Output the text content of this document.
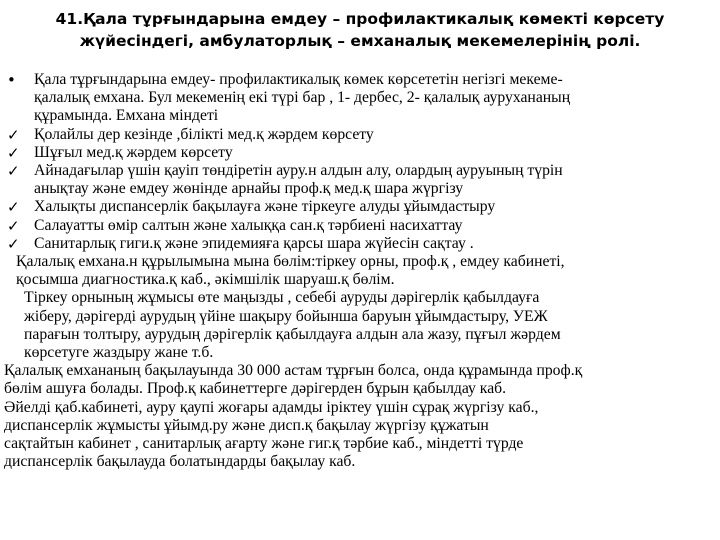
41.Қала тұрғындарына емдеу – профилактикалық көмекті көрсету
жүйесіндегі, амбулаторлық – емханалық мекемелерінің ролі.
•	Қала тұрғындарына емдеу- профилактикалық көмек көрсететін негізгі мекеме-
қалалық емхана. Бул мекеменің екі түрі бар , 1- дербес, 2- қалалық аурухананың
құрамында. Емхана міндеті
✓ Қолайлы дер кезінде ,білікті мед.қ жәрдем көрсету
✓ Шұғыл мед.қ жәрдем көрсету
✓ Айнадағылар үшін қауіп төндіретін ауру.н алдын алу, олардың ауруының түрін
анықтау және емдеу жөнінде арнайы проф.қ мед.қ шара жүргізу
✓ Халықты диспансерлік бақылауға және тіркеуге алуды ұйымдастыру
✓ Салауатты өмір салтын және халыққа сан.қ тәрбиені насихаттау
✓ Санитарлық гиги.қ және эпидемияға қарсы шара жүйесін сақтау .
Қалалық емхана.н құрылымына мына бөлім:тіркеу орны, проф.қ , емдеу кабинеті,
қосымша диагностика.қ каб., әкімшілік шаруаш.қ бөлім.
Тіркеу орнының жұмысы өте маңызды , себебі ауруды дәрігерлік қабылдауға
жіберу, дәрігерді аурудың үйіне шақыру бойынша баруын ұйымдастыру, УЕЖ
парағын толтыру, аурудың дәрігерлік қабылдауға алдын ала жазу, пұғыл жәрдем
көрсетуге жаздыру жане т.б.
Қалалық емхананың бақылауында 30 000 астам тұрғын болса, онда құрамында проф.қ
бөлім ашуға болады. Проф.қ кабинеттерге дәрігерден бұрын қабылдау каб.
Әйелді қаб.кабинеті, ауру қаупі жоғары адамды іріктеу үшін сұрақ жүргізу каб.,
диспансерлік жұмысты ұйымд.ру және дисп.қ бақылау жүргізу құжатын
сақтайтын кабинет , санитарлық ағарту және гиг.қ тәрбие каб., міндетті түрде
диспансерлік бақылауда болатындарды бақылау каб.
